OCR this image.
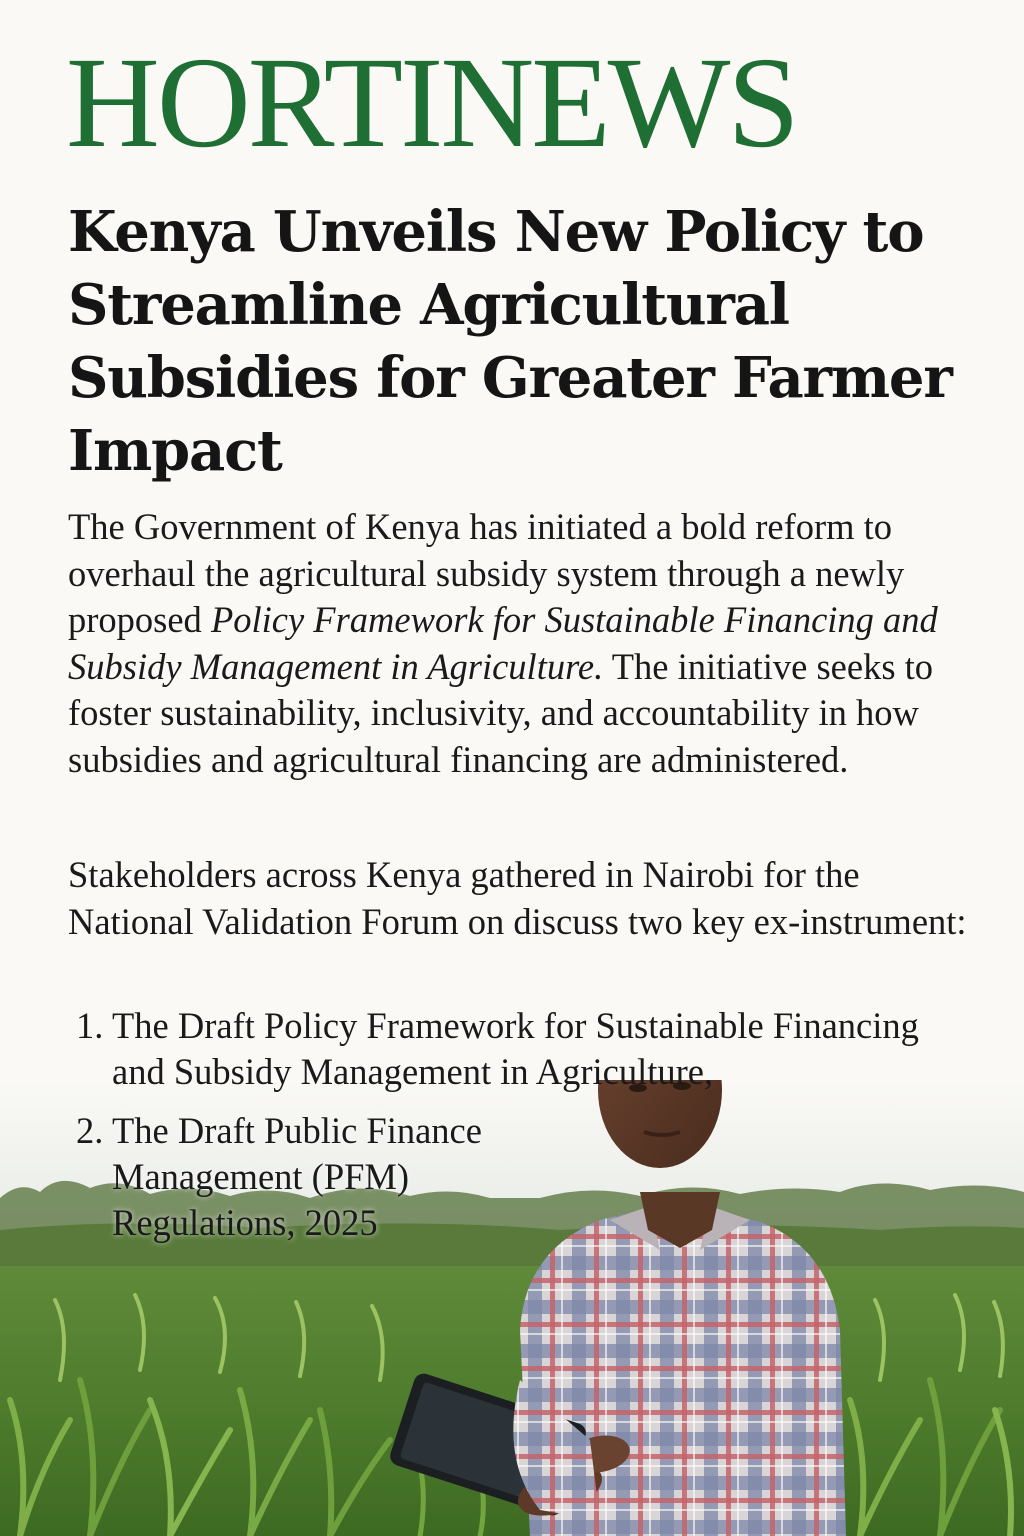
HORTINEWS
Kenya Unveils New Policy to Streamline Agricultural Subsidies for Greater Farmer Impact

The Government of Kenya has initiated a bold reform to overhaul the agricultural subsidy system through a newly proposed Policy Framework for Sustainable Financing and Subsidy Management in Agriculture. The initiative seeks to foster sustainability, inclusivity, and accountability in how subsidies and agricultural financing are administered.

Stakeholders across Kenya gathered in Nairobi for the National Validation Forum on discuss two key ex-instrument:

1. The Draft Policy Framework for Sustainable Financing and Subsidy Management in Agriculture,
2. The Draft Public Finance Management (PFM) Regulations, 2025
